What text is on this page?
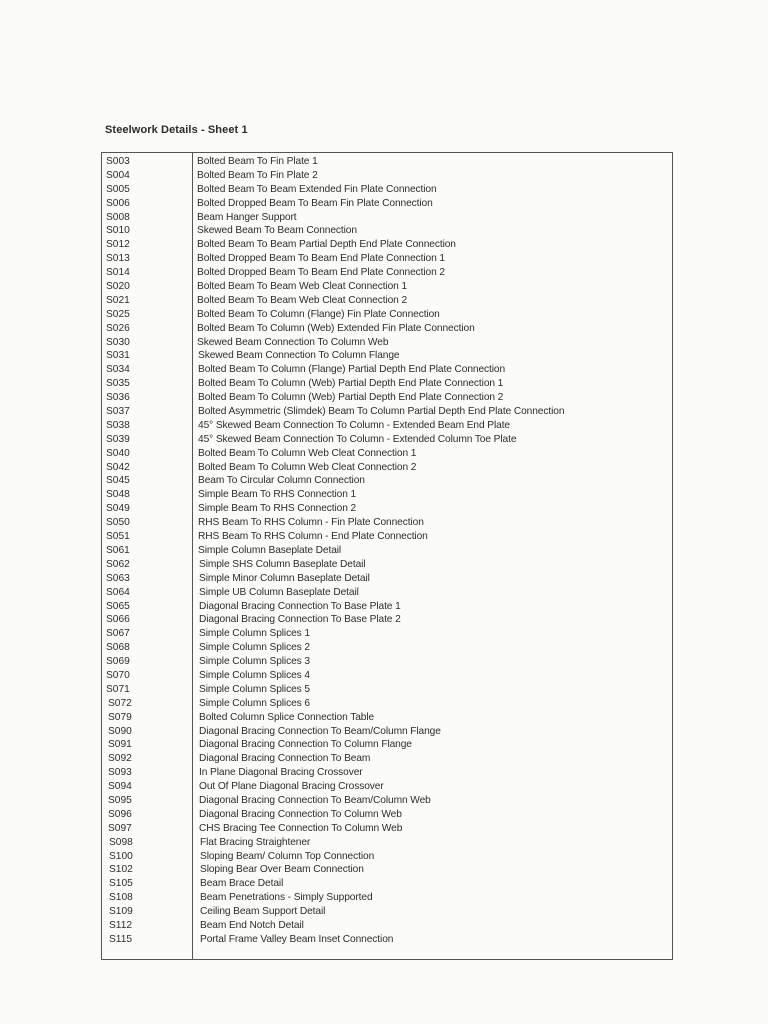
Steelwork Details - Sheet 1
S003	Bolted Beam To Fin Plate 1
S004	Bolted Beam To Fin Plate 2
S005	Bolted Beam To Beam Extended Fin Plate Connection
S006	Bolted Dropped Beam To Beam Fin Plate Connection
S008	Beam Hanger Support
S010	Skewed Beam To Beam Connection
S012	Bolted Beam To Beam Partial Depth End Plate Connection
S013	Bolted Dropped Beam To Beam End Plate Connection 1
S014	Bolted Dropped Beam To Beam End Plate Connection 2
S020	Bolted Beam To Beam Web Cleat Connection 1
S021	Bolted Beam To Beam Web Cleat Connection 2
S025	Bolted Beam To Column (Flange) Fin Plate Connection
S026	Bolted Beam To Column (Web) Extended Fin Plate Connection
S030	Skewed Beam Connection To Column Web
S031	Skewed Beam Connection To Column Flange
S034	Bolted Beam To Column (Flange) Partial Depth End Plate Connection
S035	Bolted Beam To Column (Web) Partial Depth End Plate Connection 1
S036	Bolted Beam To Column (Web) Partial Depth End Plate Connection 2
S037	Bolted Asymmetric (Slimdek) Beam To Column Partial Depth End Plate Connection
S038	45° Skewed Beam Connection To Column - Extended Beam End Plate
S039	45° Skewed Beam Connection To Column - Extended Column Toe Plate
S040	Bolted Beam To Column Web Cleat Connection 1
S042	Bolted Beam To Column Web Cleat Connection 2
S045	Beam To Circular Column Connection
S048	Simple Beam To RHS Connection 1
S049	Simple Beam To RHS Connection 2
S050	RHS Beam To RHS Column - Fin Plate Connection
S051	RHS Beam To RHS Column - End Plate Connection
S061	Simple Column Baseplate Detail
S062	Simple SHS Column Baseplate Detail
S063	Simple Minor Column Baseplate Detail
S064	Simple UB Column Baseplate Detail
S065	Diagonal Bracing Connection To Base Plate 1
S066	Diagonal Bracing Connection To Base Plate 2
S067	Simple Column Splices 1
S068	Simple Column Splices 2
S069	Simple Column Splices 3
S070	Simple Column Splices 4
S071	Simple Column Splices 5
S072	Simple Column Splices 6
S079	Bolted Column Splice Connection Table
S090	Diagonal Bracing Connection To Beam/Column Flange
S091	Diagonal Bracing Connection To Column Flange
S092	Diagonal Bracing Connection To Beam
S093	In Plane Diagonal Bracing Crossover
S094	Out Of Plane Diagonal Bracing Crossover
S095	Diagonal Bracing Connection To Beam/Column Web
S096	Diagonal Bracing Connection To Column Web
S097	CHS Bracing Tee Connection To Column Web
S098	Flat Bracing Straightener
S100	Sloping Beam/ Column Top Connection
S102	Sloping Bear Over Beam Connection
S105	Beam Brace Detail
S108	Beam Penetrations - Simply Supported
S109	Ceiling Beam Support Detail
S112	Beam End Notch Detail
S115	Portal Frame Valley Beam Inset Connection
